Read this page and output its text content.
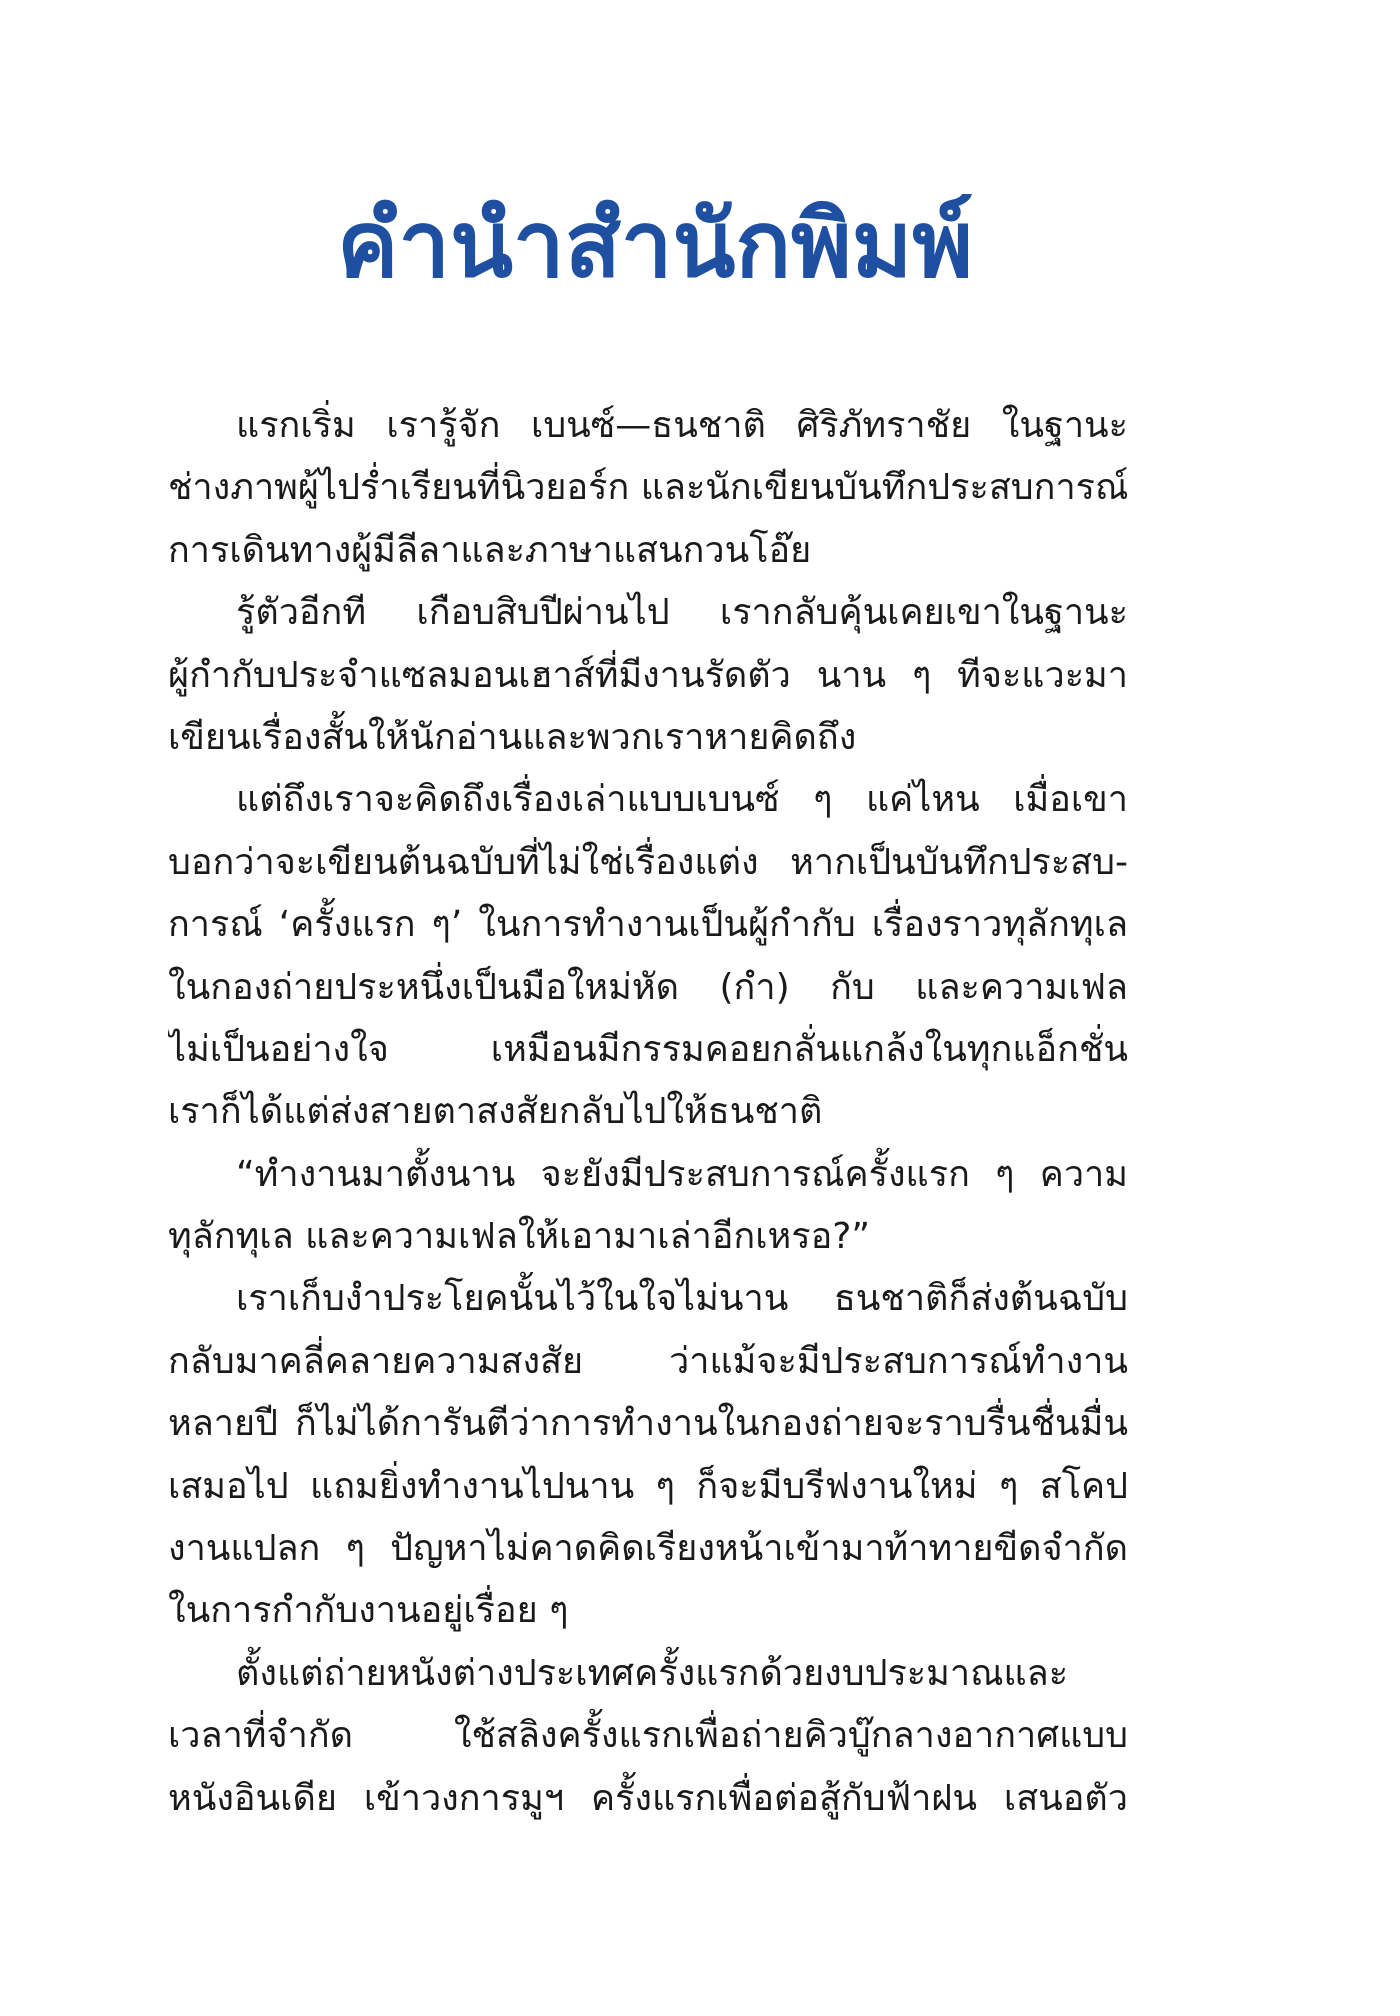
คำนำสำนักพิมพ์
แรกเริ่ม เรารู้จัก เบนซ์—ธนชาติ ศิริภัทราชัย ในฐานะ
ช่างภาพผู้ไปร่ำเรียนที่นิวยอร์ก และนักเขียนบันทึกประสบการณ์
การเดินทางผู้มีลีลาและภาษาแสนกวนโอ๊ย
รู้ตัวอีกที เกือบสิบปีผ่านไป เรากลับคุ้นเคยเขาในฐานะ
ผู้กำกับประจำแซลมอนเฮาส์ที่มีงานรัดตัว นาน ๆ ทีจะแวะมา
เขียนเรื่องสั้นให้นักอ่านและพวกเราหายคิดถึง
แต่ถึงเราจะคิดถึงเรื่องเล่าแบบเบนซ์ ๆ แค่ไหน เมื่อเขา
บอกว่าจะเขียนต้นฉบับที่ไม่ใช่เรื่องแต่ง หากเป็นบันทึกประสบ-
การณ์ ‘ครั้งแรก ๆ’ ในการทำงานเป็นผู้กำกับ เรื่องราวทุลักทุเล
ในกองถ่ายประหนึ่งเป็นมือใหม่หัด (กำ) กับ และความเฟล
ไม่เป็นอย่างใจ เหมือนมีกรรมคอยกลั่นแกล้งในทุกแอ็กชั่น
เราก็ได้แต่ส่งสายตาสงสัยกลับไปให้ธนชาติ
“ทำงานมาตั้งนาน จะยังมีประสบการณ์ครั้งแรก ๆ ความ
ทุลักทุเล และความเฟลให้เอามาเล่าอีกเหรอ?”
เราเก็บงำประโยคนั้นไว้ในใจไม่นาน ธนชาติก็ส่งต้นฉบับ
กลับมาคลี่คลายความสงสัย ว่าแม้จะมีประสบการณ์ทำงาน
หลายปี ก็ไม่ได้การันตีว่าการทำงานในกองถ่ายจะราบรื่นชื่นมื่น
เสมอไป แถมยิ่งทำงานไปนาน ๆ ก็จะมีบรีฟงานใหม่ ๆ สโคป
งานแปลก ๆ ปัญหาไม่คาดคิดเรียงหน้าเข้ามาท้าทายขีดจำกัด
ในการกำกับงานอยู่เรื่อย ๆ
ตั้งแต่ถ่ายหนังต่างประเทศครั้งแรกด้วยงบประมาณและ
เวลาที่จำกัด ใช้สลิงครั้งแรกเพื่อถ่ายคิวบู๊กลางอากาศแบบ
หนังอินเดีย เข้าวงการมูฯ ครั้งแรกเพื่อต่อสู้กับฟ้าฝน เสนอตัว
